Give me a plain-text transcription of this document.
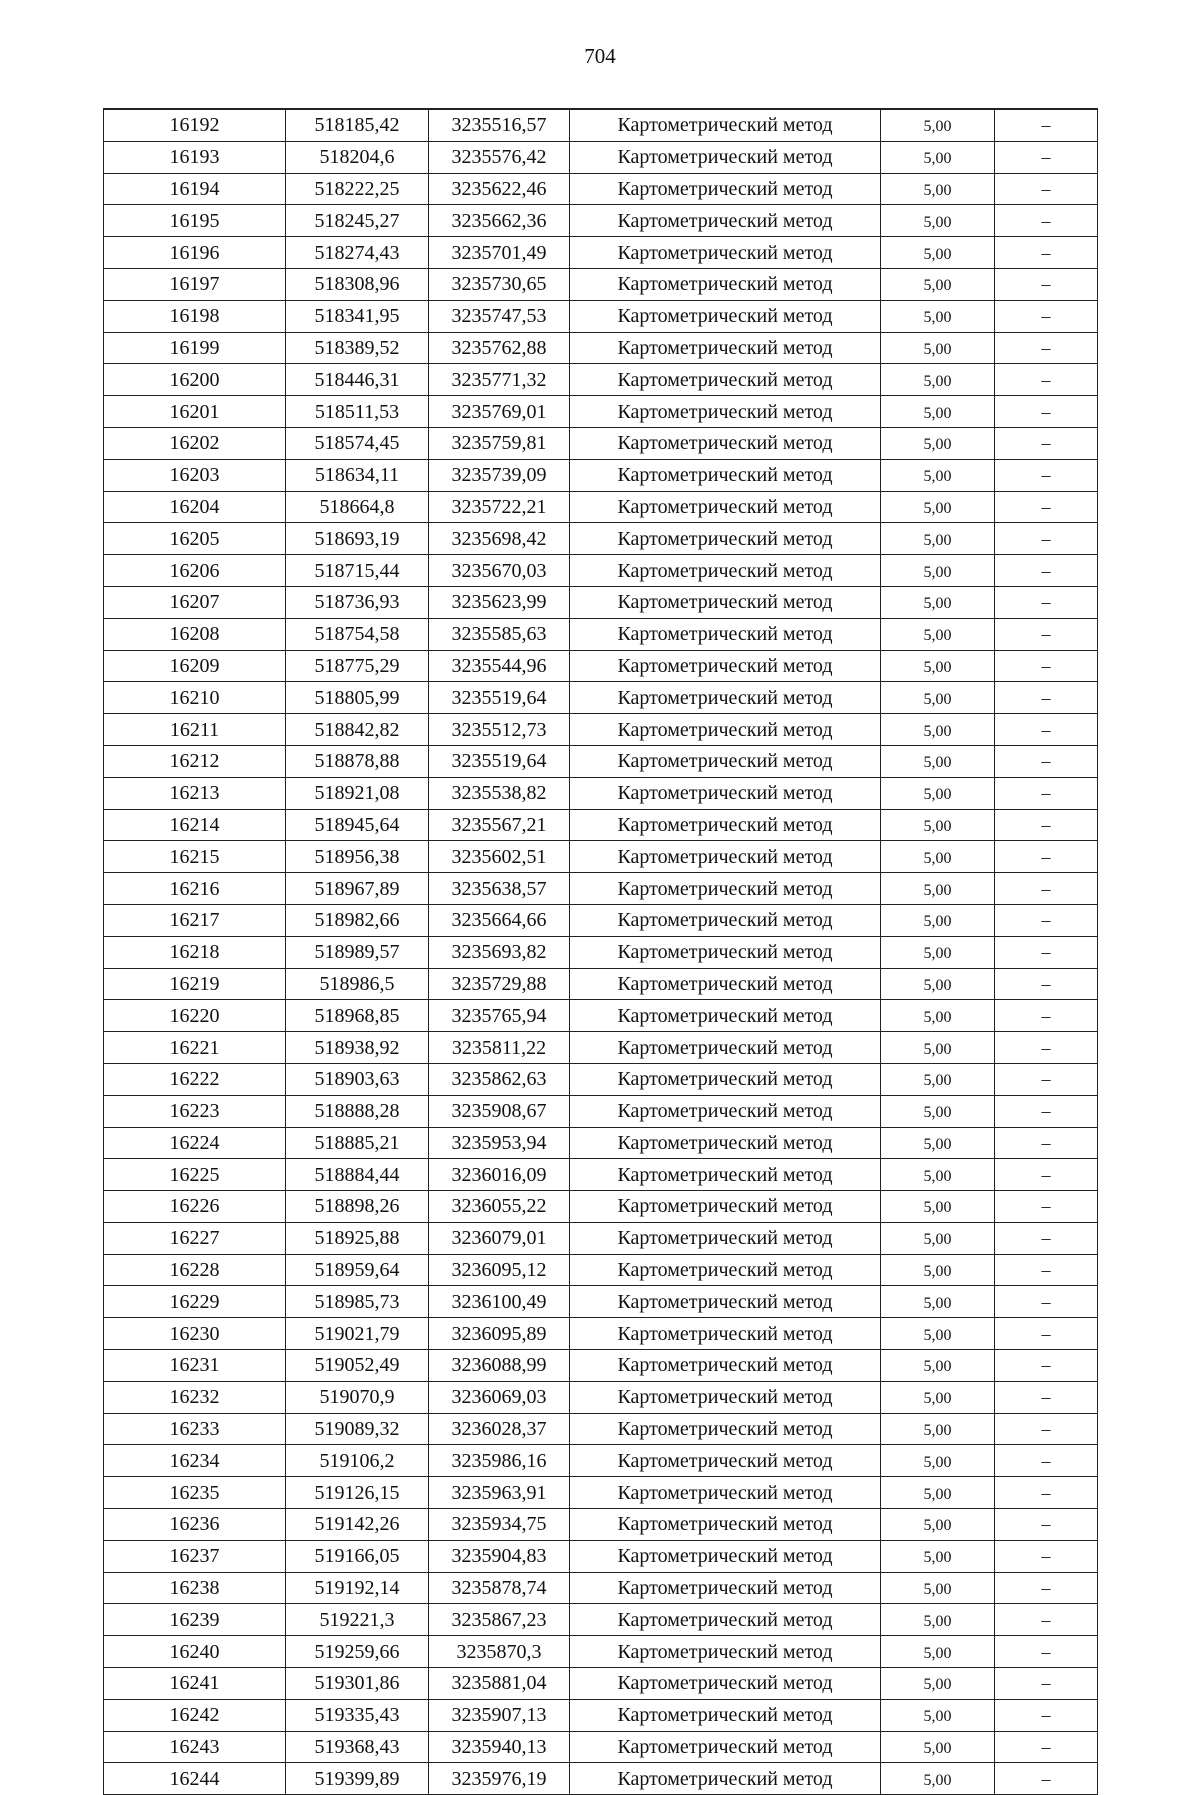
704
16192	518185,42	3235516,57	Картометрический метод	5,00	–
16193	518204,6	3235576,42	Картометрический метод	5,00	–
16194	518222,25	3235622,46	Картометрический метод	5,00	–
16195	518245,27	3235662,36	Картометрический метод	5,00	–
16196	518274,43	3235701,49	Картометрический метод	5,00	–
16197	518308,96	3235730,65	Картометрический метод	5,00	–
16198	518341,95	3235747,53	Картометрический метод	5,00	–
16199	518389,52	3235762,88	Картометрический метод	5,00	–
16200	518446,31	3235771,32	Картометрический метод	5,00	–
16201	518511,53	3235769,01	Картометрический метод	5,00	–
16202	518574,45	3235759,81	Картометрический метод	5,00	–
16203	518634,11	3235739,09	Картометрический метод	5,00	–
16204	518664,8	3235722,21	Картометрический метод	5,00	–
16205	518693,19	3235698,42	Картометрический метод	5,00	–
16206	518715,44	3235670,03	Картометрический метод	5,00	–
16207	518736,93	3235623,99	Картометрический метод	5,00	–
16208	518754,58	3235585,63	Картометрический метод	5,00	–
16209	518775,29	3235544,96	Картометрический метод	5,00	–
16210	518805,99	3235519,64	Картометрический метод	5,00	–
16211	518842,82	3235512,73	Картометрический метод	5,00	–
16212	518878,88	3235519,64	Картометрический метод	5,00	–
16213	518921,08	3235538,82	Картометрический метод	5,00	–
16214	518945,64	3235567,21	Картометрический метод	5,00	–
16215	518956,38	3235602,51	Картометрический метод	5,00	–
16216	518967,89	3235638,57	Картометрический метод	5,00	–
16217	518982,66	3235664,66	Картометрический метод	5,00	–
16218	518989,57	3235693,82	Картометрический метод	5,00	–
16219	518986,5	3235729,88	Картометрический метод	5,00	–
16220	518968,85	3235765,94	Картометрический метод	5,00	–
16221	518938,92	3235811,22	Картометрический метод	5,00	–
16222	518903,63	3235862,63	Картометрический метод	5,00	–
16223	518888,28	3235908,67	Картометрический метод	5,00	–
16224	518885,21	3235953,94	Картометрический метод	5,00	–
16225	518884,44	3236016,09	Картометрический метод	5,00	–
16226	518898,26	3236055,22	Картометрический метод	5,00	–
16227	518925,88	3236079,01	Картометрический метод	5,00	–
16228	518959,64	3236095,12	Картометрический метод	5,00	–
16229	518985,73	3236100,49	Картометрический метод	5,00	–
16230	519021,79	3236095,89	Картометрический метод	5,00	–
16231	519052,49	3236088,99	Картометрический метод	5,00	–
16232	519070,9	3236069,03	Картометрический метод	5,00	–
16233	519089,32	3236028,37	Картометрический метод	5,00	–
16234	519106,2	3235986,16	Картометрический метод	5,00	–
16235	519126,15	3235963,91	Картометрический метод	5,00	–
16236	519142,26	3235934,75	Картометрический метод	5,00	–
16237	519166,05	3235904,83	Картометрический метод	5,00	–
16238	519192,14	3235878,74	Картометрический метод	5,00	–
16239	519221,3	3235867,23	Картометрический метод	5,00	–
16240	519259,66	3235870,3	Картометрический метод	5,00	–
16241	519301,86	3235881,04	Картометрический метод	5,00	–
16242	519335,43	3235907,13	Картометрический метод	5,00	–
16243	519368,43	3235940,13	Картометрический метод	5,00	–
16244	519399,89	3235976,19	Картометрический метод	5,00	–
